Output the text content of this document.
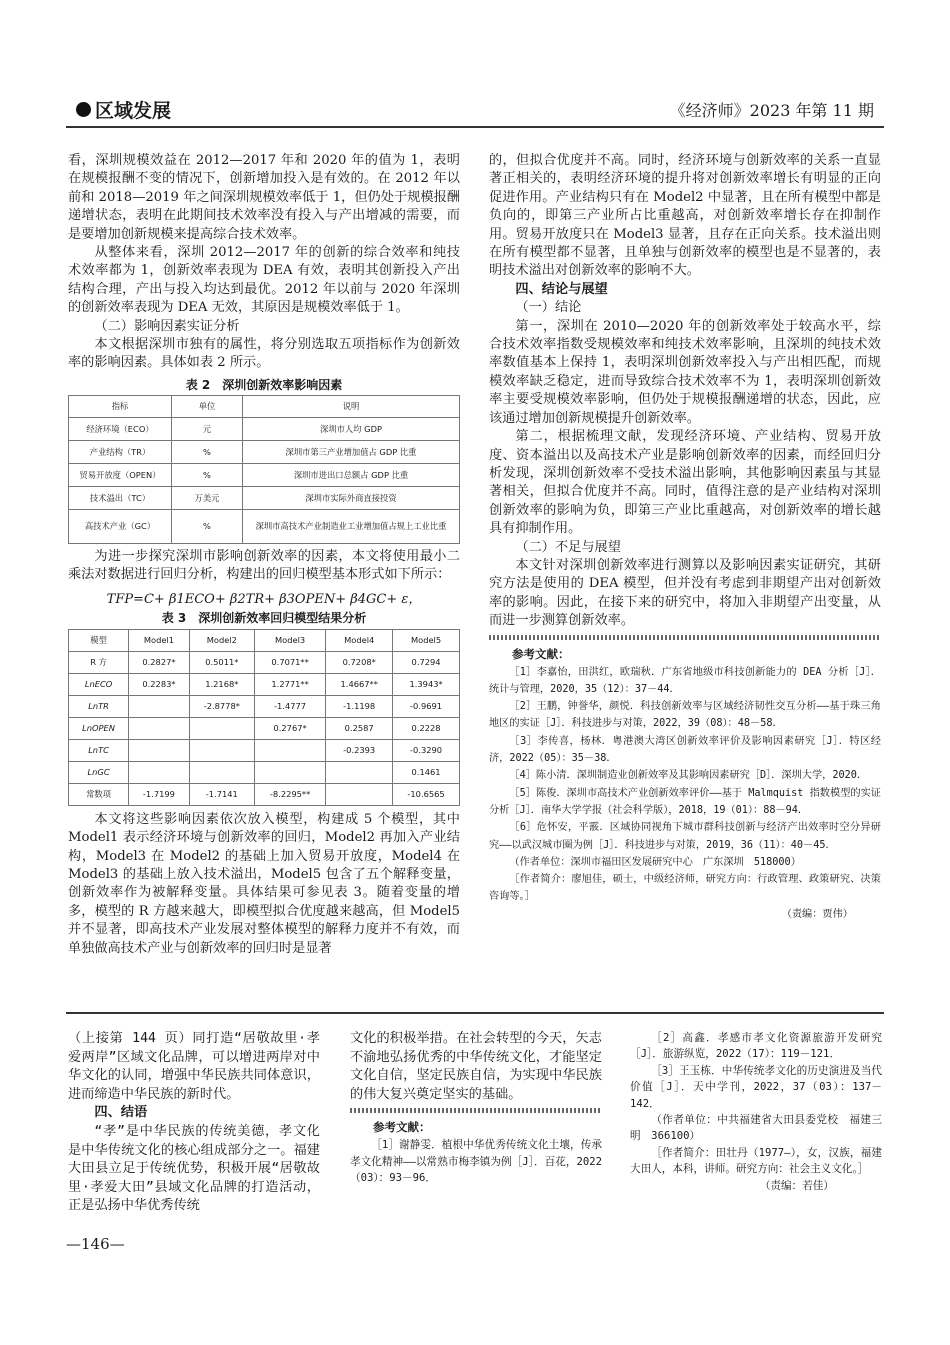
区域发展	《经济师》2023 年第 11 期

看，深圳规模效益在 2012—2017 年和 2020 年的值为 1，表明在规模报酬不变的情况下，创新增加投入是有效的。在 2012 年以前和 2018—2019 年之间深圳规模效率低于 1，但仍处于规模报酬递增状态，表明在此期间技术效率没有投入与产出增减的需要，而是要增加创新规模来提高综合技术效率。

从整体来看，深圳 2012—2017 年的创新的综合效率和纯技术效率都为 1，创新效率表现为 DEA 有效，表明其创新投入产出结构合理，产出与投入均达到最优。2012 年以前与 2020 年深圳的创新效率表现为 DEA 无效，其原因是规模效率低于 1。

（二）影响因素实证分析

本文根据深圳市独有的属性，将分别选取五项指标作为创新效率的影响因素。具体如表 2 所示。

表 2　深圳创新效率影响因素

指标	单位	说明
经济环境（ECO）	元	深圳市人均 GDP
产业结构（TR）	%	深圳市第三产业增加值占 GDP 比重
贸易开放度（OPEN）	%	深圳市进出口总额占 GDP 比重
技术溢出（TC）	万美元	深圳市实际外商直接投资
高技术产业（GC）	%	深圳市高技术产业制造业工业增加值占规上工业比重

为进一步探究深圳市影响创新效率的因素，本文将使用最小二乘法对数据进行回归分析，构建出的回归模型基本形式如下所示：

TFP=C+ β1ECO+ β2TR+ β3OPEN+ β4GC+ ε，

表 3　深圳创新效率回归模型结果分析

模型	Model1	Model2	Model3	Model4	Model5
R 方	0.2827*	0.5011*	0.7071**	0.7208*	0.7294
LnECO	0.2283*	1.2168*	1.2771**	1.4667**	1.3943*
LnTR		-2.8778*	-1.4777	-1.1198	-0.9691
LnOPEN			0.2767*	0.2587	0.2228
LnTC				-0.2393	-0.3290
LnGC					0.1461
常数项	-1.7199	-1.7141	-8.2295**		-10.6565

本文将这些影响因素依次放入模型，构建成 5 个模型，其中 Model1 表示经济环境与创新效率的回归，Model2 再加入产业结构，Model3 在 Model2 的基础上加入贸易开放度，Model4 在 Model3 的基础上放入技术溢出，Model5 包含了五个解释变量，创新效率作为被解释变量。具体结果可参见表 3。随着变量的增多，模型的 R 方越来越大，即模型拟合优度越来越高，但 Model5 并不显著，即高技术产业发展对整体模型的解释力度并不有效，而单独做高技术产业与创新效率的回归时是显著

的，但拟合优度并不高。同时，经济环境与创新效率的关系一直显著正相关的，表明经济环境的提升将对创新效率增长有明显的正向促进作用。产业结构只有在 Model2 中显著，且在所有模型中都是负向的，即第三产业所占比重越高，对创新效率增长存在抑制作用。贸易开放度只在 Model3 显著，且存在正向关系。技术溢出则在所有模型都不显著，且单独与创新效率的模型也是不显著的，表明技术溢出对创新效率的影响不大。

四、结论与展望

（一）结论

第一，深圳在 2010—2020 年的创新效率处于较高水平，综合技术效率指数受规模效率和纯技术效率影响，且深圳的纯技术效率数值基本上保持 1，表明深圳创新效率投入与产出相匹配，而规模效率缺乏稳定，进而导致综合技术效率不为 1，表明深圳创新效率主要受规模效率影响，但仍处于规模报酬递增的状态，因此，应该通过增加创新规模提升创新效率。

第二，根据梳理文献，发现经济环境、产业结构、贸易开放度、资本溢出以及高技术产业是影响创新效率的因素，而经回归分析发现，深圳创新效率不受技术溢出影响，其他影响因素虽与其显著相关，但拟合优度并不高。同时，值得注意的是产业结构对深圳创新效率的影响为负，即第三产业比重越高，对创新效率的增长越具有抑制作用。

（二）不足与展望

本文针对深圳创新效率进行测算以及影响因素实证研究，其研究方法是使用的 DEA 模型，但并没有考虑到非期望产出对创新效率的影响。因此，在接下来的研究中，将加入非期望产出变量，从而进一步测算创新效率。

参考文献：

［1］李嘉怡，田洪红，欧瑞秋．广东省地级市科技创新能力的 DEA 分析［J］．统计与管理，2020，35（12）：37－44．

［2］王鹏，钟誉华，颜悦．科技创新效率与区域经济韧性交互分析——基于珠三角地区的实证［J］．科技进步与对策，2022，39（08）：48－58．

［3］李传喜，杨林．粤港澳大湾区创新效率评价及影响因素研究［J］．特区经济，2022（05）：35－38．

［4］陈小清．深圳制造业创新效率及其影响因素研究［D］．深圳大学，2020．

［5］陈俊．深圳市高技术产业创新效率评价——基于 Malmquist 指数模型的实证分析［J］．南华大学学报（社会科学版），2018，19（01）：88－94．

［6］危怀安，平霰．区域协同视角下城市群科技创新与经济产出效率时空分异研究——以武汉城市圈为例［J］．科技进步与对策，2019，36（11）：40－45．

（作者单位：深圳市福田区发展研究中心　广东深圳　518000）

［作者简介：廖旭佳，硕士，中级经济师，研究方向：行政管理、政策研究、决策咨询等。］

（责编：贾伟）

（上接第 144 页）同打造“居敬故里·孝爱两岸”区域文化品牌，可以增进两岸对中华文化的认同，增强中华民族共同体意识，进而缔造中华民族的新时代。

四、结语

“孝”是中华民族的传统美德，孝文化是中华传统文化的核心组成部分之一。福建大田县立足于传统优势，积极开展“居敬故里·孝爱大田”县域文化品牌的打造活动，正是弘扬中华优秀传统

文化的积极举措。在社会转型的今天，矢志不渝地弘扬优秀的中华传统文化，才能坚定文化自信，坚定民族自信，为实现中华民族的伟大复兴奠定坚实的基础。

参考文献：

［1］谢静雯．植根中华优秀传统文化土壤，传承孝文化精神——以常熟市梅李镇为例［J］．百花，2022（03）：93－96．

［2］高鑫．孝感市孝文化资源旅游开发研究［J］．旅游纵览，2022（17）：119－121．

［3］王玉栋．中华传统孝文化的历史演进及当代价值［J］．天中学刊，2022，37（03）：137－142．

（作者单位：中共福建省大田县委党校　福建三明　366100）

［作者简介：田壮丹（1977—），女，汉族，福建大田人，本科，讲师。研究方向：社会主义文化。］

（责编：若佳）

—146—
